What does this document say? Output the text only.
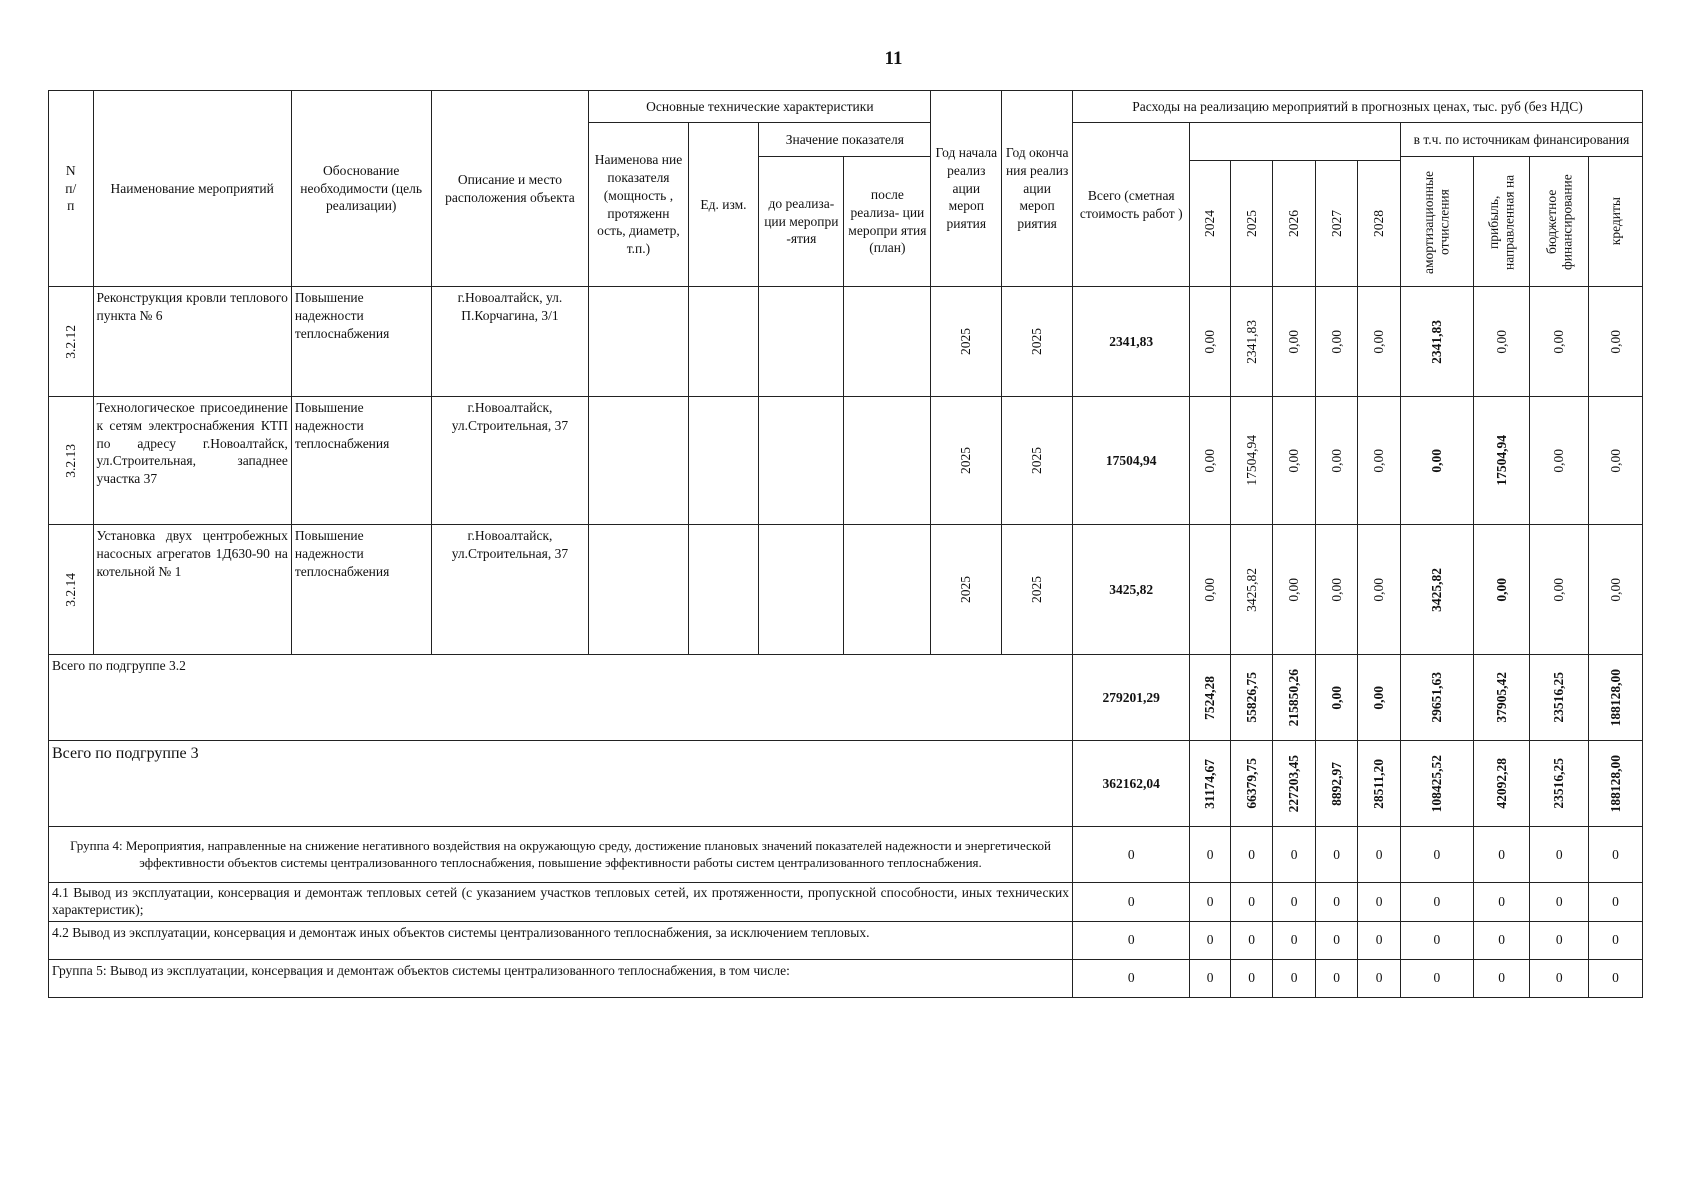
11
N п/ п	Наименование мероприятий	Обоснование необходимости (цель реализации)	Описание и место расположения объекта	Основные технические характеристики				Год начала реализ ации мероп риятия	Год оконча ния реализ ации мероп риятия	Расходы на реализацию мероприятий в прогнозных ценах, тыс. руб (без НДС)									
				Наименова ние показателя (мощность , протяженн ость, диаметр, т.п.)	Ед. изм.	Значение показателя				Всего (сметная стоимость работ )						в т.ч. по источникам финансирования			
						до реализа- ции меропри -ятия	после реализа- ции меропри ятия (план)									амортизационные отчисления	прибыль, направленная на	бюджетное финансирование	кредиты

											2024	2025	2026	2027	2028				

3.2.12	Реконструкция кровли теплового пункта № 6	Повышение надежности теплоснабжения	г.Новоалтайск, ул. П.Корчагина, 3/1					2025	2025	2341,83	0,00	2341,83	0,00	0,00	0,00	2341,83	0,00	0,00	0,00

3.2.13	Технологическое присоединение к сетям электроснабжения КТП по адресу г.Новоалтайск, ул.Строительная, западнее участка 37	Повышение надежности теплоснабжения	г.Новоалтайск, ул.Строительная, 37					2025	2025	17504,94	0,00	17504,94	0,00	0,00	0,00	0,00	17504,94	0,00	0,00

3.2.14	Установка двух центробежных насосных агрегатов 1Д630-90 на котельной № 1	Повышение надежности теплоснабжения	г.Новоалтайск, ул.Строительная, 37					2025	2025	3425,82	0,00	3425,82	0,00	0,00	0,00	3425,82	0,00	0,00	0,00

Всего по подгруппе 3.2										279201,29	7524,28	55826,75	215850,26	0,00	0,00	29651,63	37905,42	23516,25	188128,00

Всего по подгруппе 3										362162,04	31174,67	66379,75	227203,45	8892,97	28511,20	108425,52	42092,28	23516,25	188128,00

Группа 4: Мероприятия, направленные на снижение негативного воздействия на окружающую среду, достижение плановых значений показателей надежности и энергетической эффективности объектов системы централизованного теплоснабжения, повышение эффективности работы систем централизованного теплоснабжения.										0	0	0	0	0	0	0	0	0	0
4.1 Вывод из эксплуатации, консервация и демонтаж тепловых сетей (с указанием участков тепловых сетей, их протяженности, пропускной способности, иных технических характеристик);										0	0	0	0	0	0	0	0	0	0
4.2 Вывод из эксплуатации, консервация и демонтаж иных объектов системы централизованного теплоснабжения, за исключением тепловых.										0	0	0	0	0	0	0	0	0	0
Группа 5: Вывод из эксплуатации, консервация и демонтаж объектов системы централизованного теплоснабжения, в том числе:										0	0	0	0	0	0	0	0	0	0
